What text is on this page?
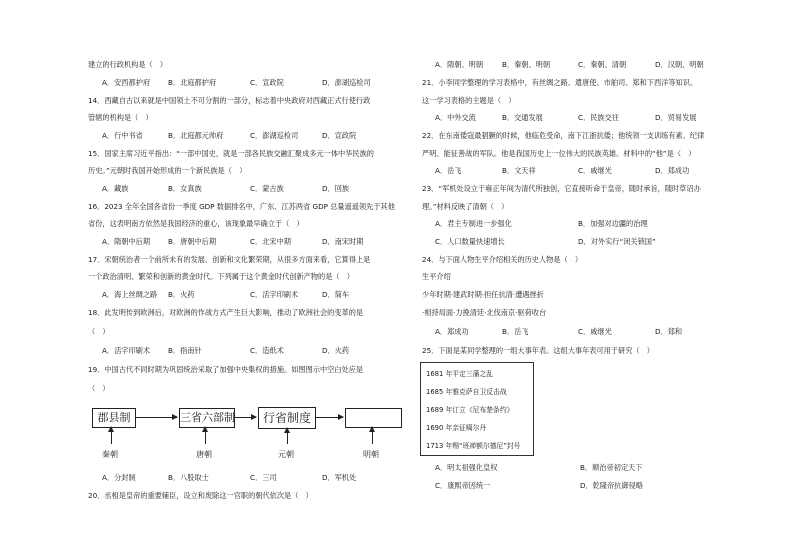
建立的行政机构是（　）
A．安西都护府 B．北庭都护府	C．宣政院	D．澎湖巡检司
14．西藏自古以来就是中国领土不可分割的一部分，标志着中央政府对西藏正式行使行政
管辖的机构是（　）
A．行中书省	B．北庭都元帅府	C．澎湖巡检司	D．宣政院
15．国家主席习近平指出：“一部中国史，就是一部各民族交融汇聚成多元一体中华民族的
历史。”元朝时我国开始形成的一个新民族是（　）
A．藏族	B．女真族	C．蒙古族	D．回族
16．2023 全年全国各省份一季度 GDP 数据排名中，广东、江苏两省 GDP 总量遥遥领先于其他
省份，这表明南方依然是我国经济的重心，该现象最早确立于（　）
A．隋朝中后期 B．唐朝中后期	C．北宋中期	D．南宋时期
17．宋朝统治者一个前所未有的发展、创新和文化繁荣期，从很多方面来看，它算得上是
一个政治清明、繁荣和创新的黄金时代。下列属于这个黄金时代创新产物的是（　）
A．海上丝绸之路 B．火药	C．活字印刷术	D．简车
18．此发明传到欧洲后，对欧洲的作战方式产生巨大影响，推动了欧洲社会的变革的是
（　）
A．活字印刷术 B．指南针	C．造纸术	D．火药
19．中国古代不同时期为巩固统治采取了加强中央集权的措施。如图图示中空白处应是
（　）
郡县制	三省六部制	行省制度
秦朝	唐朝	元朝	明朝
A．分封制	B．八股取士	C．三司	D．军机处
20．丞相是皇帝的重要辅臣，设立和废除这一官职的朝代依次是（　）
A．隋朝、明朝	B．秦朝、明朝	C．秦朝、清朝	D．汉朝、明朝
21．小李同学整理的学习表格中，有丝绸之路、遣唐使、市舶司、郑和下西洋等知识。
这一学习表格的主题是（　）
A．中外交流	B．交通发展	C．民族交往	D．贸易发展
22．在东南倭寇最猖獗的时候，他临危受命，南下江浙抗倭；他统领一支训练有素、纪律
严明、能征善战的军队。他是我国历史上一位伟大的民族英雄。材料中的“他”是（　）
A．岳飞	B．文天祥	C．戚继光	D．郑成功
23．“军机处设立于雍正年间为清代所独创，它直接听命于皇帝，随时承旨，随时草诏办
理。”材料反映了清朝（　）
A．君主专制进一步强化	B．加强对边疆的治理
C．人口数量快速增长	D．对外实行“闭关锁国”
24．与下面人物生平介绍相关的历史人物是（　）
生平介绍
少年时期·建武时期·担任抗清·遭遇挫折
·相持局面·力挽清廷·北伐南京·驱荷收台
A．郑成功	B．岳飞	C．戚继光	D．郑和
25．下面是某同学整理的一组大事年表。这组大事年表可用于研究（　）
1681 年平定三藩之乱
1685 年雅克萨自卫反击战
1689 年订立《尼布楚条约》
1690 年亲征噶尔丹
1713 年赐“班禅额尔德尼”封号
A．明太祖强化皇权	B．顺治帝初定天下
C．康熙帝因统一	D．乾隆帝抗御侵略
